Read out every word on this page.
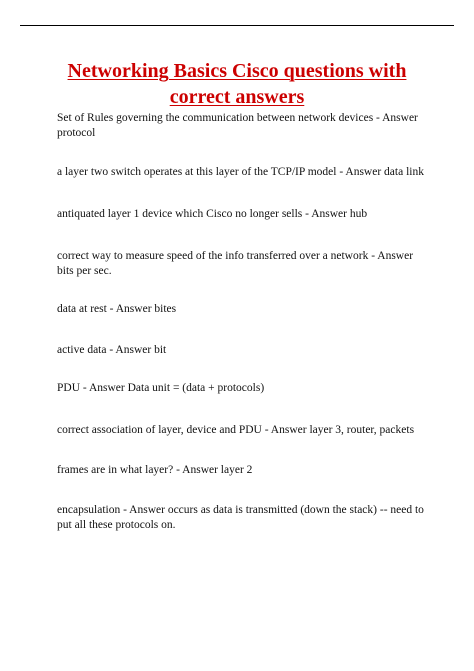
Networking Basics Cisco questions with
correct answers

Set of Rules governing the communication between network devices - Answer protocol

a layer two switch operates at this layer of the TCP/IP model - Answer data link

antiquated layer 1 device which Cisco no longer sells - Answer hub

correct way to measure speed of the info transferred over a network - Answer bits per sec.

data at rest - Answer bites

active data - Answer bit

PDU - Answer Data unit = (data + protocols)

correct association of layer, device and PDU - Answer layer 3, router, packets

frames are in what layer? - Answer layer 2

encapsulation - Answer occurs as data is transmitted (down the stack) -- need to put all these protocols on.
